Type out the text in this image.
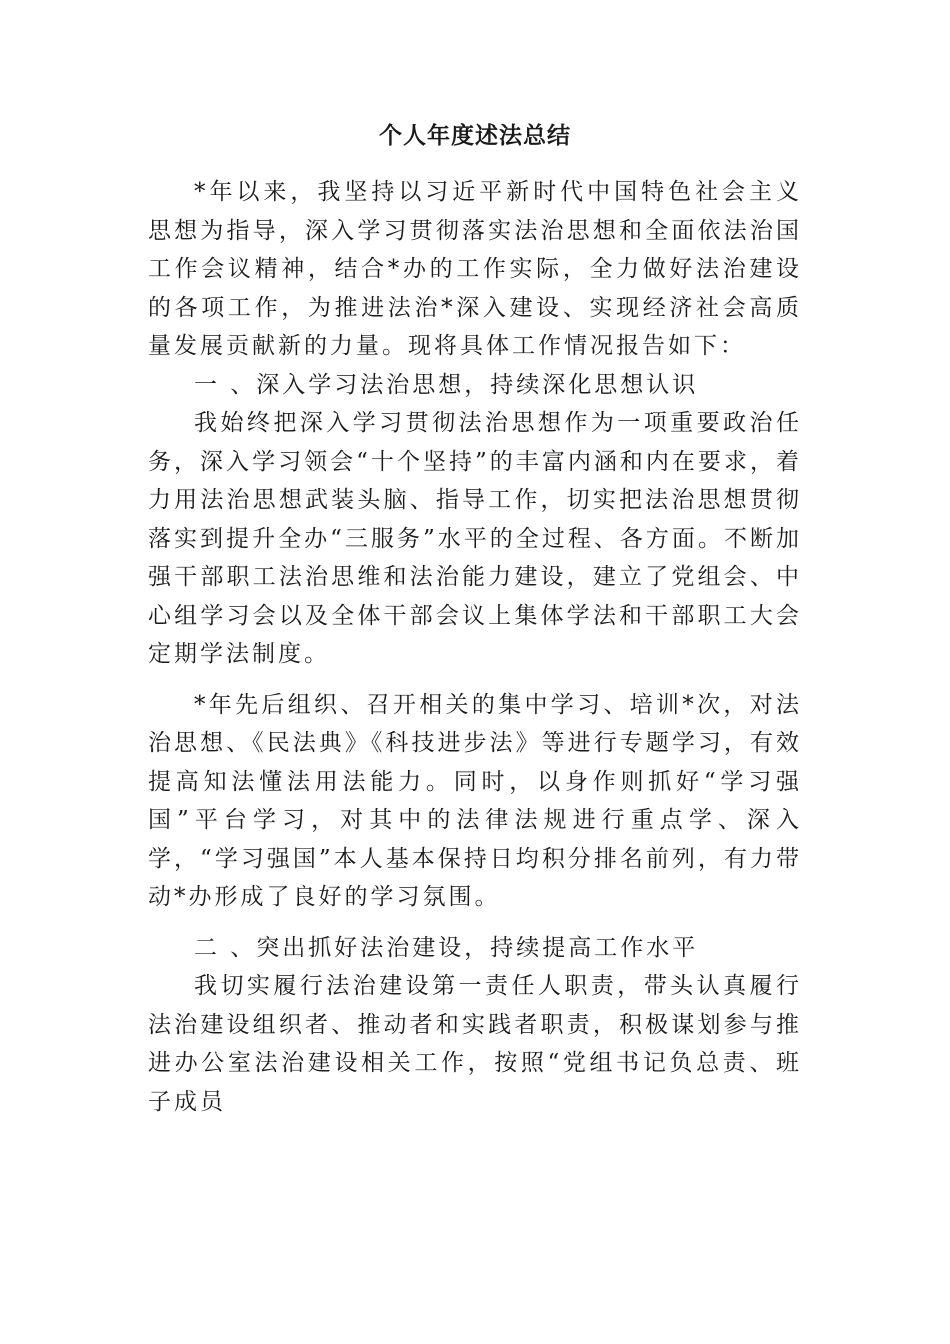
个人年度述法总结

*年以来，我坚持以习近平新时代中国特色社会主义思想为指导，深入学习贯彻落实法治思想和全面依法治国工作会议精神，结合*办的工作实际，全力做好法治建设的各项工作，为推进法治*深入建设、实现经济社会高质量发展贡献新的力量。现将具体工作情况报告如下：

一 、深入学习法治思想，持续深化思想认识

我始终把深入学习贯彻法治思想作为一项重要政治任务，深入学习领会“十个坚持”的丰富内涵和内在要求，着力用法治思想武装头脑、指导工作，切实把法治思想贯彻落实到提升全办“三服务”水平的全过程、各方面。不断加强干部职工法治思维和法治能力建设，建立了党组会、中心组学习会以及全体干部会议上集体学法和干部职工大会定期学法制度。

*年先后组织、召开相关的集中学习、培训*次，对法治思想、《民法典》《科技进步法》等进行专题学习，有效提高知法懂法用法能力。同时，以身作则抓好“学习强国”平台学习，对其中的法律法规进行重点学、深入学，“学习强国”本人基本保持日均积分排名前列，有力带动*办形成了良好的学习氛围。

二 、突出抓好法治建设，持续提高工作水平

我切实履行法治建设第一责任人职责，带头认真履行法治建设组织者、推动者和实践者职责，积极谋划参与推进办公室法治建设相关工作，按照“党组书记负总责、班子成员
